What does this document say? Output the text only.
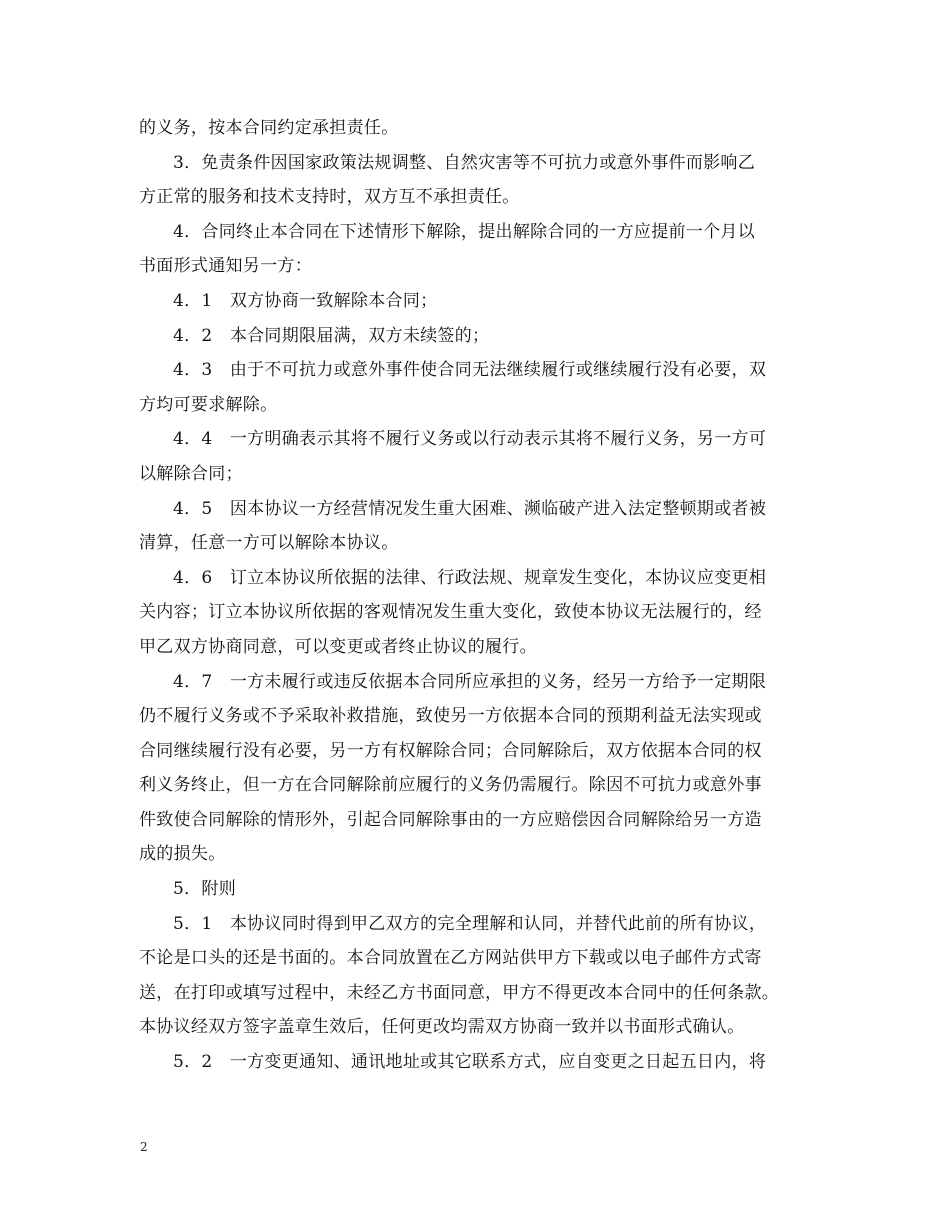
的义务，按本合同约定承担责任。
3．免责条件因国家政策法规调整、自然灾害等不可抗力或意外事件而影响乙
方正常的服务和技术支持时，双方互不承担责任。
4．合同终止本合同在下述情形下解除，提出解除合同的一方应提前一个月以
书面形式通知另一方：
4．1　双方协商一致解除本合同；
4．2　本合同期限届满，双方未续签的；
4．3　由于不可抗力或意外事件使合同无法继续履行或继续履行没有必要，双
方均可要求解除。
4．4　一方明确表示其将不履行义务或以行动表示其将不履行义务，另一方可
以解除合同；
4．5　因本协议一方经营情况发生重大困难、濒临破产进入法定整顿期或者被
清算，任意一方可以解除本协议。
4．6　订立本协议所依据的法律、行政法规、规章发生变化，本协议应变更相
关内容；订立本协议所依据的客观情况发生重大变化，致使本协议无法履行的，经
甲乙双方协商同意，可以变更或者终止协议的履行。
4．7　一方未履行或违反依据本合同所应承担的义务，经另一方给予一定期限
仍不履行义务或不予采取补救措施，致使另一方依据本合同的预期利益无法实现或
合同继续履行没有必要，另一方有权解除合同；合同解除后，双方依据本合同的权
利义务终止，但一方在合同解除前应履行的义务仍需履行。除因不可抗力或意外事
件致使合同解除的情形外，引起合同解除事由的一方应赔偿因合同解除给另一方造
成的损失。
5．附则
5．1　本协议同时得到甲乙双方的完全理解和认同，并替代此前的所有协议，
不论是口头的还是书面的。本合同放置在乙方网站供甲方下载或以电子邮件方式寄
送，在打印或填写过程中，未经乙方书面同意，甲方不得更改本合同中的任何条款。
本协议经双方签字盖章生效后，任何更改均需双方协商一致并以书面形式确认。
5．2　一方变更通知、通讯地址或其它联系方式，应自变更之日起五日内，将
2
